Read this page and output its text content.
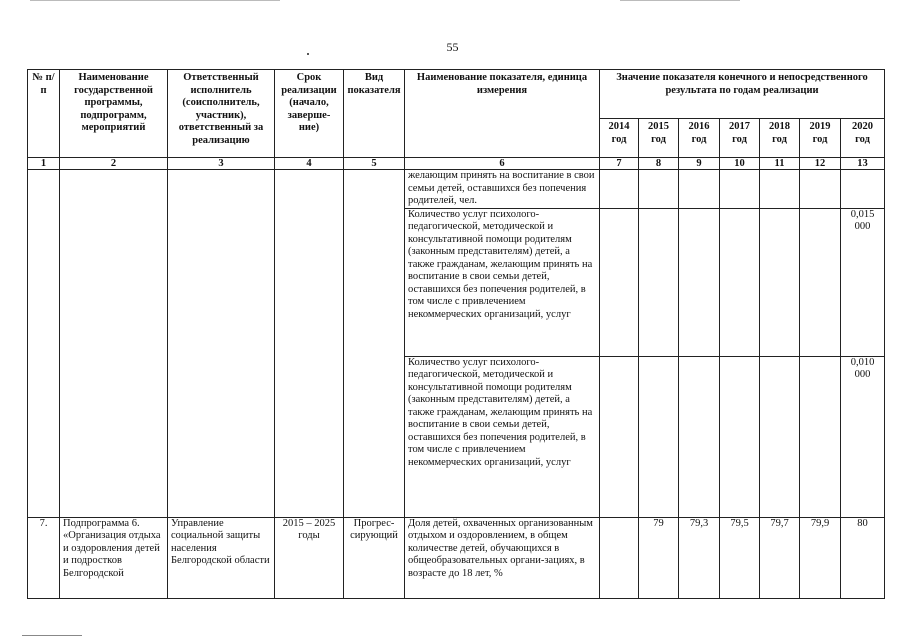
55
№ п/п	Наименование государственной программы, подпрограмм, мероприятий	Ответственный исполнитель (соисполнитель, участник), ответственный за реализацию	Срок реализации (начало, заверше-ние)	Вид показателя	Наименование показателя, единица измерения	Значение показателя конечного и непосредственного результата по годам реализации						
						2014 год	2015 год	2016 год	2017 год	2018 год	2019 год	2020 год
1	2	3	4	5	6	7	8	9	10	11	12	13
					желающим принять на воспитание в свои семьи детей, оставшихся без попечения родителей, чел.							
					Количество услуг психолого-педагогической, методической и консультативной помощи родителям (законным представителям) детей, а также гражданам, желающим принять на воспитание в свои семьи детей, оставшихся без попечения родителей, в том числе с привлечением некоммерческих организаций, услуг							0,015 000
					Количество услуг психолого-педагогической, методической и консультативной помощи родителям (законным представителям) детей, а также гражданам, желающим принять на воспитание в свои семьи детей, оставшихся без попечения родителей, в том числе с привлечением некоммерческих организаций, услуг							0,010 000
7.	Подпрограмма 6. «Организация отдыха и оздоровления детей и подростков Белгородской	Управление социальной защиты населения Белгородской области	2015 – 2025 годы	Прогрес-сирующий	Доля детей, охваченных организованным отдыхом и оздоровлением, в общем количестве детей, обучающихся в общеобразовательных органи-зациях, в возрасте до 18 лет, %		79	79,3	79,5	79,7	79,9	80
